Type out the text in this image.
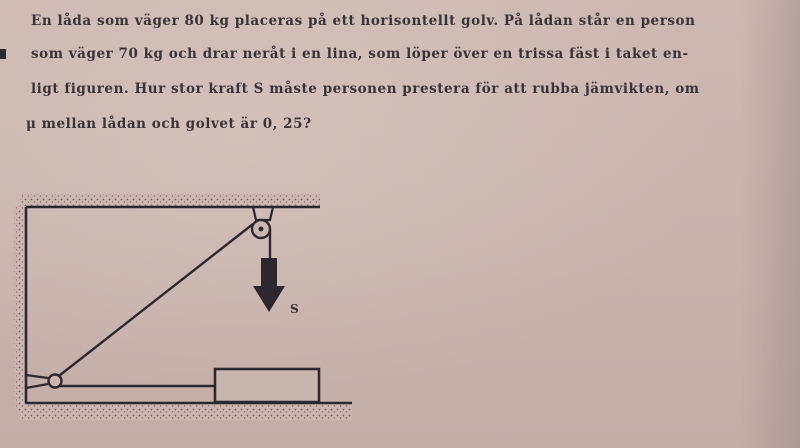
En låda som väger 80 kg placeras på ett horisontellt golv. På lådan står en person
som väger 70 kg och drar neråt i en lina, som löper över en trissa fäst i taket en-
ligt figuren. Hur stor kraft S måste personen prestera för att rubba jämvikten, om
μ mellan lådan och golvet är 0, 25?
S
